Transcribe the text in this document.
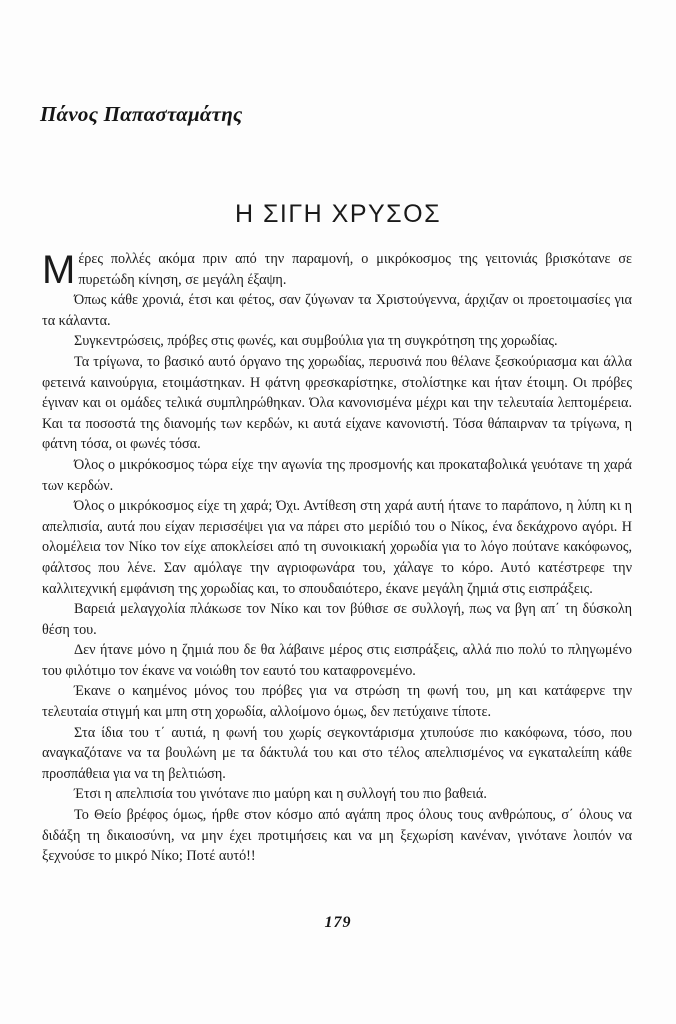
Πάνος Παπασταμάτης
Η ΣΙΓΗ ΧΡΥΣΟΣ

Μέρες πολλές ακόμα πριν από την παραμονή, ο μικρόκοσμος της γειτονιάς βρισκότανε σε πυρετώδη κίνηση, σε μεγάλη έξαψη.

Όπως κάθε χρονιά, έτσι και φέτος, σαν ζύγωναν τα Χριστούγεννα, άρχιζαν οι προετοιμασίες για τα κάλαντα.

Συγκεντρώσεις, πρόβες στις φωνές, και συμβούλια για τη συγκρότηση της χορωδίας.

Τα τρίγωνα, το βασικό αυτό όργανο της χορωδίας, περυσινά που θέλανε ξεσκούριασμα και άλλα φετεινά καινούργια, ετοιμάστηκαν. Η φάτνη φρεσκαρίστηκε, στολίστηκε και ήταν έτοιμη. Οι πρόβες έγιναν και οι ομάδες τελικά συμπληρώθηκαν. Όλα κανονισμένα μέχρι και την τελευταία λεπτομέρεια. Και τα ποσοστά της διανομής των κερδών, κι αυτά είχανε κανονιστή. Τόσα θάπαιρναν τα τρίγωνα, η φάτνη τόσα, οι φωνές τόσα.

Όλος ο μικρόκοσμος τώρα είχε την αγωνία της προσμονής και προκαταβολικά γευότανε τη χαρά των κερδών.

Όλος ο μικρόκοσμος είχε τη χαρά; Όχι. Αντίθεση στη χαρά αυτή ήτανε το παράπονο, η λύπη κι η απελπισία, αυτά που είχαν περισσέψει για να πάρει στο μερίδιό του ο Νίκος, ένα δεκάχρονο αγόρι. Η ολομέλεια τον Νίκο τον είχε αποκλείσει από τη συνοικιακή χορωδία για το λόγο πούτανε κακόφωνος, φάλτσος που λένε. Σαν αμόλαγε την αγριοφωνάρα του, χάλαγε το κόρο. Αυτό κατέστρεφε την καλλιτεχνική εμφάνιση της χορωδίας και, το σπουδαιότερο, έκανε μεγάλη ζημιά στις εισπράξεις.

Βαρειά μελαγχολία πλάκωσε τον Νίκο και τον βύθισε σε συλλογή, πως να βγη απ΄ τη δύσκολη θέση του.

Δεν ήτανε μόνο η ζημιά που δε θα λάβαινε μέρος στις εισπράξεις, αλλά πιο πολύ το πληγωμένο του φιλότιμο τον έκανε να νοιώθη τον εαυτό του καταφρονεμένο.

Έκανε ο καημένος μόνος του πρόβες για να στρώση τη φωνή του, μη και κατάφερνε την τελευταία στιγμή και μπη στη χορωδία, αλλοίμονο όμως, δεν πετύχαινε τίποτε.

Στα ίδια του τ΄ αυτιά, η φωνή του χωρίς σεγκοντάρισμα χτυπούσε πιο κακόφωνα, τόσο, που αναγκαζότανε να τα βουλώνη με τα δάκτυλά του και στο τέλος απελπισμένος να εγκαταλείπη κάθε προσπάθεια για να τη βελτιώση.

Έτσι η απελπισία του γινότανε πιο μαύρη και η συλλογή του πιο βαθειά.

Το Θείο βρέφος όμως, ήρθε στον κόσμο από αγάπη προς όλους τους ανθρώπους, σ΄ όλους να διδάξη τη δικαιοσύνη, να μην έχει προτιμήσεις και να μη ξεχωρίση κανέναν, γινότανε λοιπόν να ξεχνούσε το μικρό Νίκο; Ποτέ αυτό!!

179
